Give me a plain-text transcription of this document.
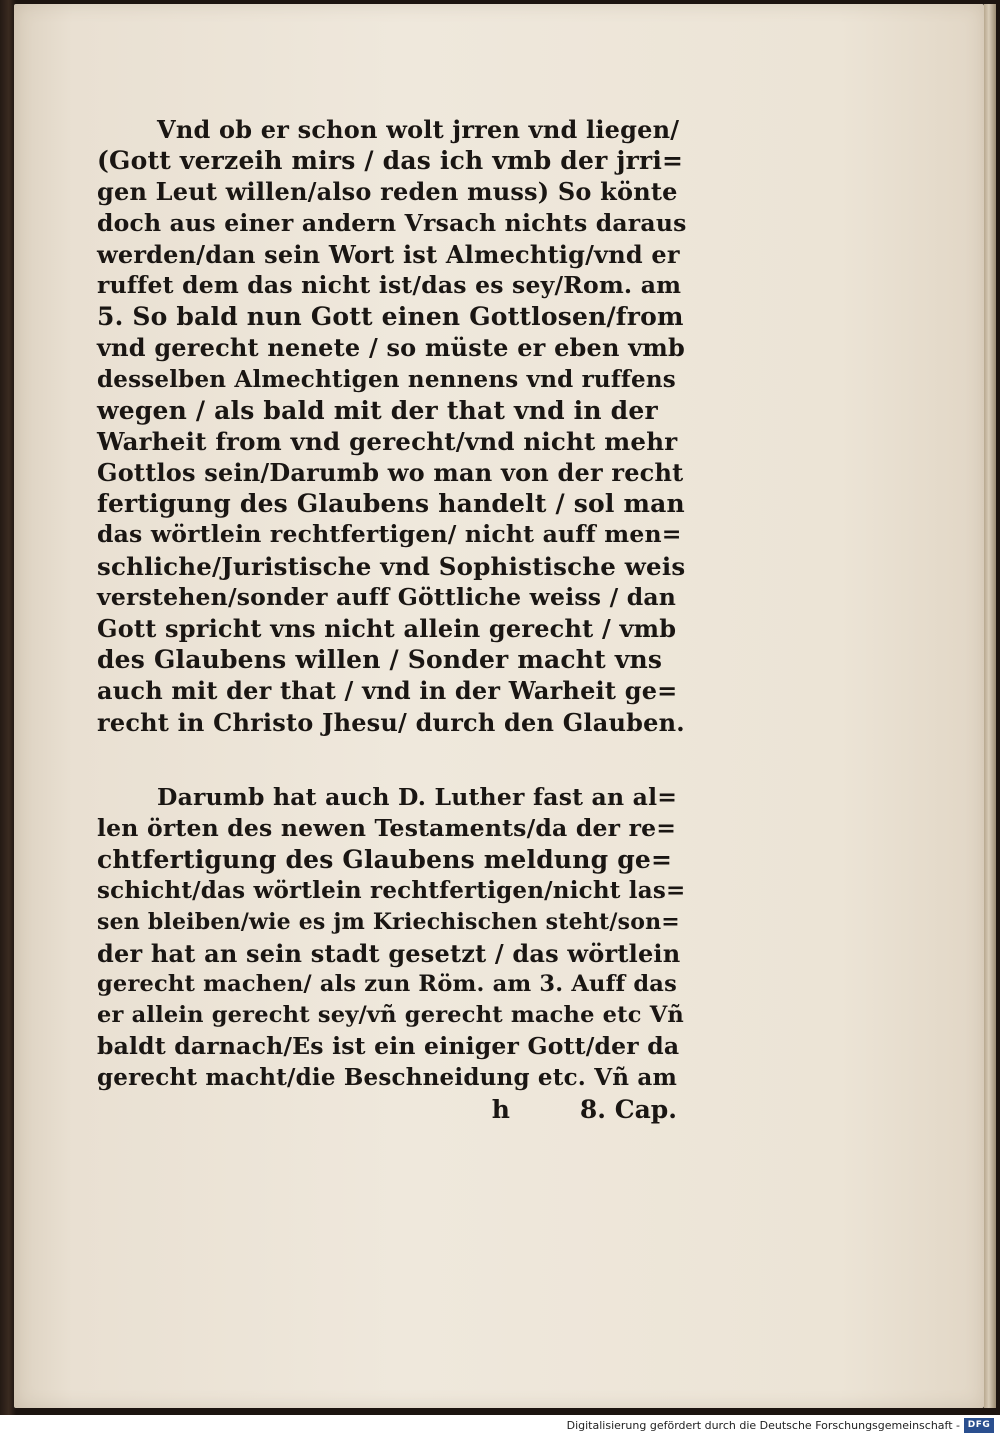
Vnd ob er schon wolt jrren vnd liegen/
(Gott verzeih mirs / das ich vmb der jrri=
gen Leut willen/also reden muss) So könte
doch aus einer andern Vrsach nichts daraus
werden/dan sein Wort ist Almechtig/vnd er
ruffet dem das nicht ist/das es sey/Rom. am
5. So bald nun Gott einen Gottlosen/from
vnd gerecht nenete / so müste er eben vmb
desselben Almechtigen nennens vnd ruffens
wegen / als bald mit der that vnd in der
Warheit from vnd gerecht/vnd nicht mehr
Gottlos sein/Darumb wo man von der recht
fertigung des Glaubens handelt / sol man
das wörtlein rechtfertigen/ nicht auff men=
schliche/Juristische vnd Sophistische weis
verstehen/sonder auff Göttliche weiss / dan
Gott spricht vns nicht allein gerecht / vmb
des Glaubens willen / Sonder macht vns
auch mit der that / vnd in der Warheit ge=
recht in Christo Jhesu/ durch den Glauben.
Darumb hat auch D. Luther fast an al=
len örten des newen Testaments/da der re=
chtfertigung des Glaubens meldung ge=
schicht/das wörtlein rechtfertigen/nicht las=
sen bleiben/wie es jm Kriechischen steht/son=
der hat an sein stadt gesetzt / das wörtlein
gerecht machen/ als zun Röm. am 3. Auff das
er allein gerecht sey/vñ gerecht mache etc Vñ
baldt darnach/Es ist ein einiger Gott/der da
gerecht macht/die Beschneidung etc. Vñ am
h	8. Cap.
Digitalisierung gefördert durch die Deutsche Forschungsgemeinschaft - DFG
